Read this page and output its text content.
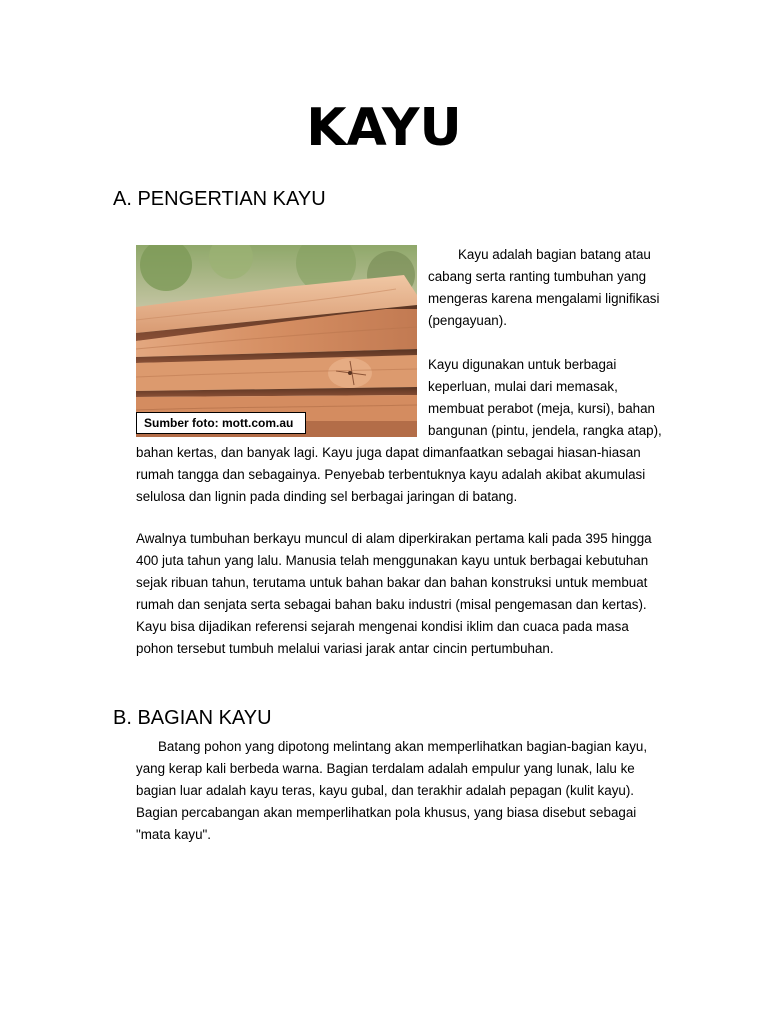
KAYU
A. PENGERTIAN KAYU
Sumber foto: mott.com.au
Kayu adalah bagian batang atau
cabang serta ranting tumbuhan yang
mengeras karena mengalami lignifikasi
(pengayuan).
Kayu digunakan untuk berbagai
keperluan, mulai dari memasak,
membuat perabot (meja, kursi), bahan
bangunan (pintu, jendela, rangka atap),
bahan kertas, dan banyak lagi. Kayu juga dapat dimanfaatkan sebagai hiasan-hiasan
rumah tangga dan sebagainya. Penyebab terbentuknya kayu adalah akibat akumulasi
selulosa dan lignin pada dinding sel berbagai jaringan di batang.
Awalnya tumbuhan berkayu muncul di alam diperkirakan pertama kali pada 395 hingga
400 juta tahun yang lalu. Manusia telah menggunakan kayu untuk berbagai kebutuhan
sejak ribuan tahun, terutama untuk bahan bakar dan bahan konstruksi untuk membuat
rumah dan senjata serta sebagai bahan baku industri (misal pengemasan dan kertas).
Kayu bisa dijadikan referensi sejarah mengenai kondisi iklim dan cuaca pada masa
pohon tersebut tumbuh melalui variasi jarak antar cincin pertumbuhan.
B. BAGIAN KAYU
Batang pohon yang dipotong melintang akan memperlihatkan bagian-bagian kayu,
yang kerap kali berbeda warna. Bagian terdalam adalah empulur yang lunak, lalu ke
bagian luar adalah kayu teras, kayu gubal, dan terakhir adalah pepagan (kulit kayu).
Bagian percabangan akan memperlihatkan pola khusus, yang biasa disebut sebagai
"mata kayu".
